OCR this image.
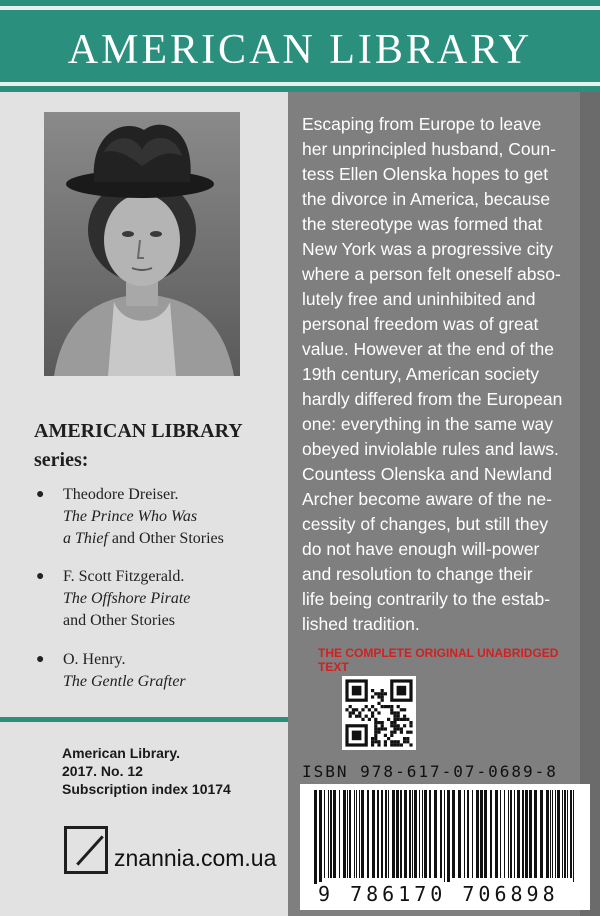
AMERICAN LIBRARY
AMERICAN LIBRARY
series:
● Theodore Dreiser.
The Prince Who Was
a Thief and Other Stories
● F. Scott Fitzgerald.
The Offshore Pirate
and Other Stories
● O. Henry.
The Gentle Grafter
American Library.
2017. No. 12
Subscription index 10174
znannia.com.ua
Escaping from Europe to leave
her unprincipled husband, Coun-
tess Ellen Olenska hopes to get
the divorce in America, because
the stereotype was formed that
New York was a progressive city
where a person felt oneself abso-
lutely free and uninhibited and
personal freedom was of great
value. However at the end of the
19th century, American society
hardly differed from the European
one: everything in the same way
obeyed inviolable rules and laws.
Countess Olenska and Newland
Archer become aware of the ne-
cessity of changes, but still they
do not have enough will-power
and resolution to change their
life being contrarily to the estab-
lished tradition.
THE COMPLETE ORIGINAL UNABRIDGED TEXT
ISBN 978-617-07-0689-8
9 786170 706898
